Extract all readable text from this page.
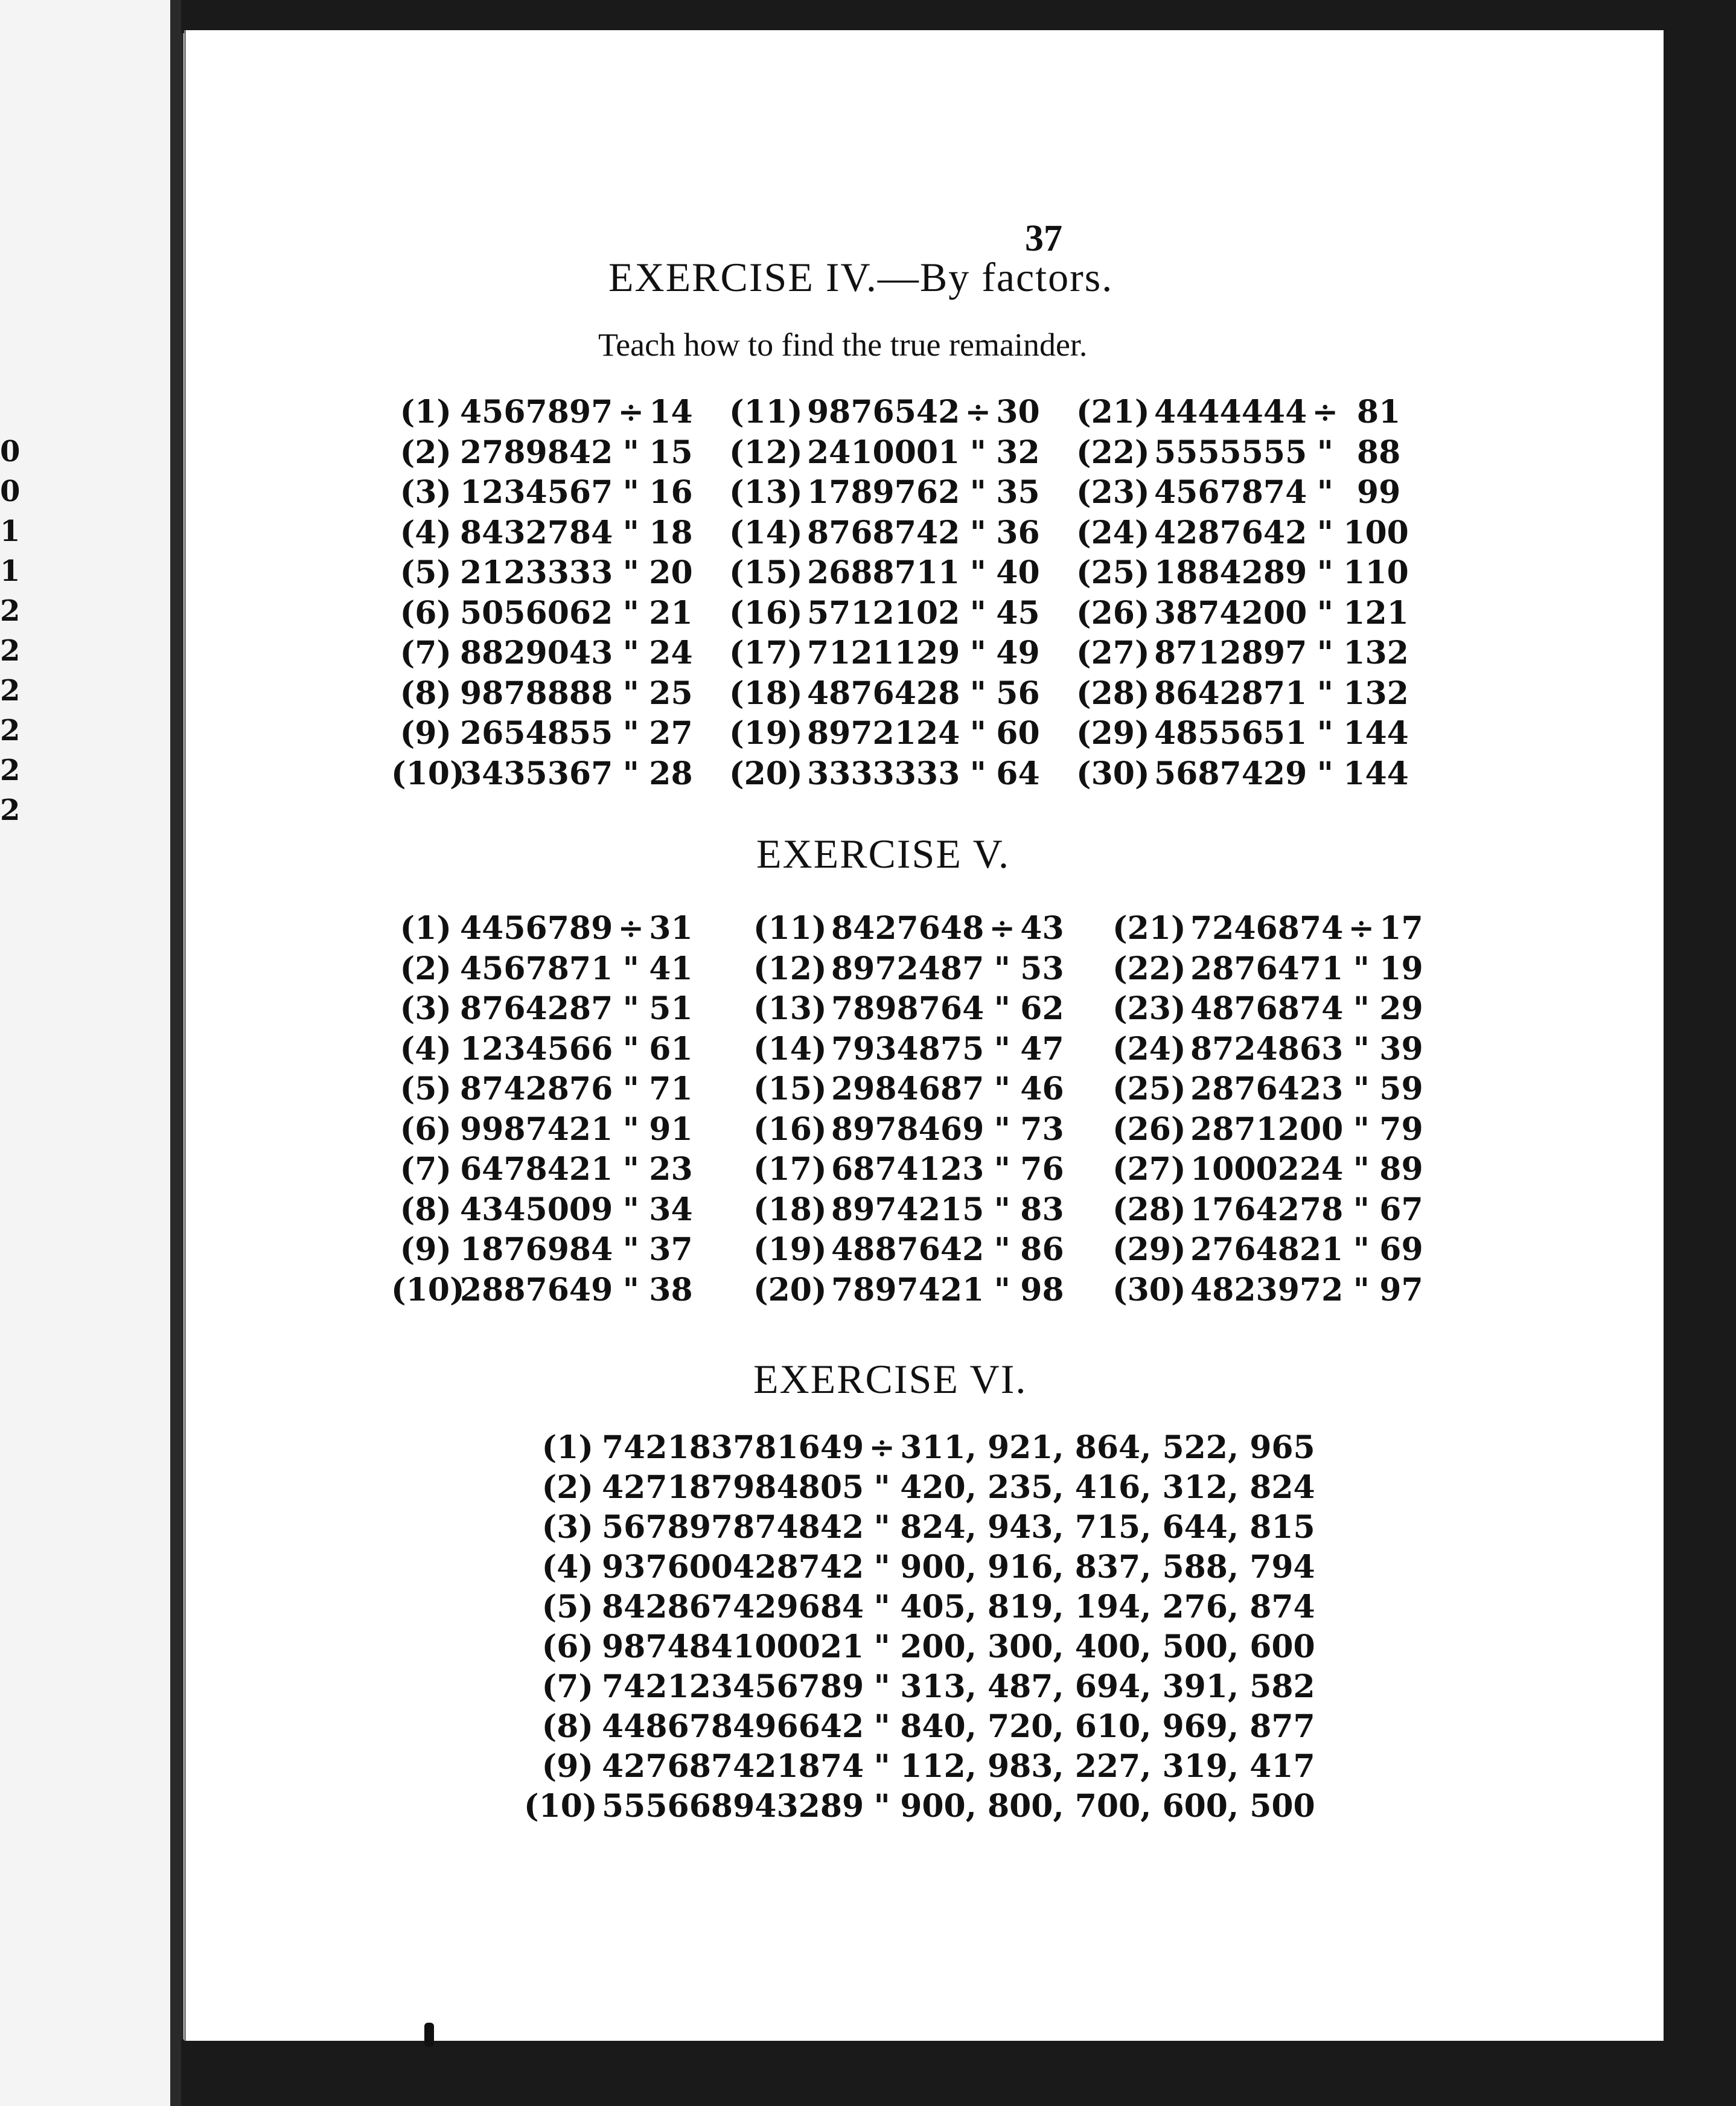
0
0
1
1
2
2
2
2
2
2
37
EXERCISE IV.—By factors.
Teach how to find the true remainder.
(1) 4567897 ÷ 14
(2) 2789842 " 15
(3) 1234567 " 16
(4) 8432784 " 18
(5) 2123333 " 20
(6) 5056062 " 21
(7) 8829043 " 24
(8) 9878888 " 25
(9) 2654855 " 27
(10)3435367 " 28
(11) 9876542 ÷ 30
(12) 2410001 " 32
(13) 1789762 " 35
(14) 8768742 " 36
(15) 2688711 " 40
(16) 5712102 " 45
(17) 7121129 " 49
(18) 4876428 " 56
(19) 8972124 " 60
(20) 3333333 " 64
(21) 4444444 ÷ 81
(22) 5555555 " 88
(23) 4567874 " 99
(24) 4287642 " 100
(25) 1884289 " 110
(26) 3874200 " 121
(27) 8712897 " 132
(28) 8642871 " 132
(29) 4855651 " 144
(30) 5687429 " 144
EXERCISE V.
(1) 4456789 ÷ 31
(2) 4567871 " 41
(3) 8764287 " 51
(4) 1234566 " 61
(5) 8742876 " 71
(6) 9987421 " 91
(7) 6478421 " 23
(8) 4345009 " 34
(9) 1876984 " 37
(10)2887649 " 38
(11) 8427648 ÷ 43
(12) 8972487 " 53
(13) 7898764 " 62
(14) 7934875 " 47
(15) 2984687 " 46
(16) 8978469 " 73
(17) 6874123 " 76
(18) 8974215 " 83
(19) 4887642 " 86
(20) 7897421 " 98
(21) 7246874 ÷ 17
(22) 2876471 " 19
(23) 4876874 " 29
(24) 8724863 " 39
(25) 2876423 " 59
(26) 2871200 " 79
(27) 1000224 " 89
(28) 1764278 " 67
(29) 2764821 " 69
(30) 4823972 " 97
EXERCISE VI.
(1) 742183781649 ÷ 311, 921, 864, 522, 965
(2) 427187984805 " 420, 235, 416, 312, 824
(3) 567897874842 " 824, 943, 715, 644, 815
(4) 937600428742 " 900, 916, 837, 588, 794
(5) 842867429684 " 405, 819, 194, 276, 874
(6) 987484100021 " 200, 300, 400, 500, 600
(7) 742123456789 " 313, 487, 694, 391, 582
(8) 448678496642 " 840, 720, 610, 969, 877
(9) 427687421874 " 112, 983, 227, 319, 417
(10) 555668943289 " 900, 800, 700, 600, 500
